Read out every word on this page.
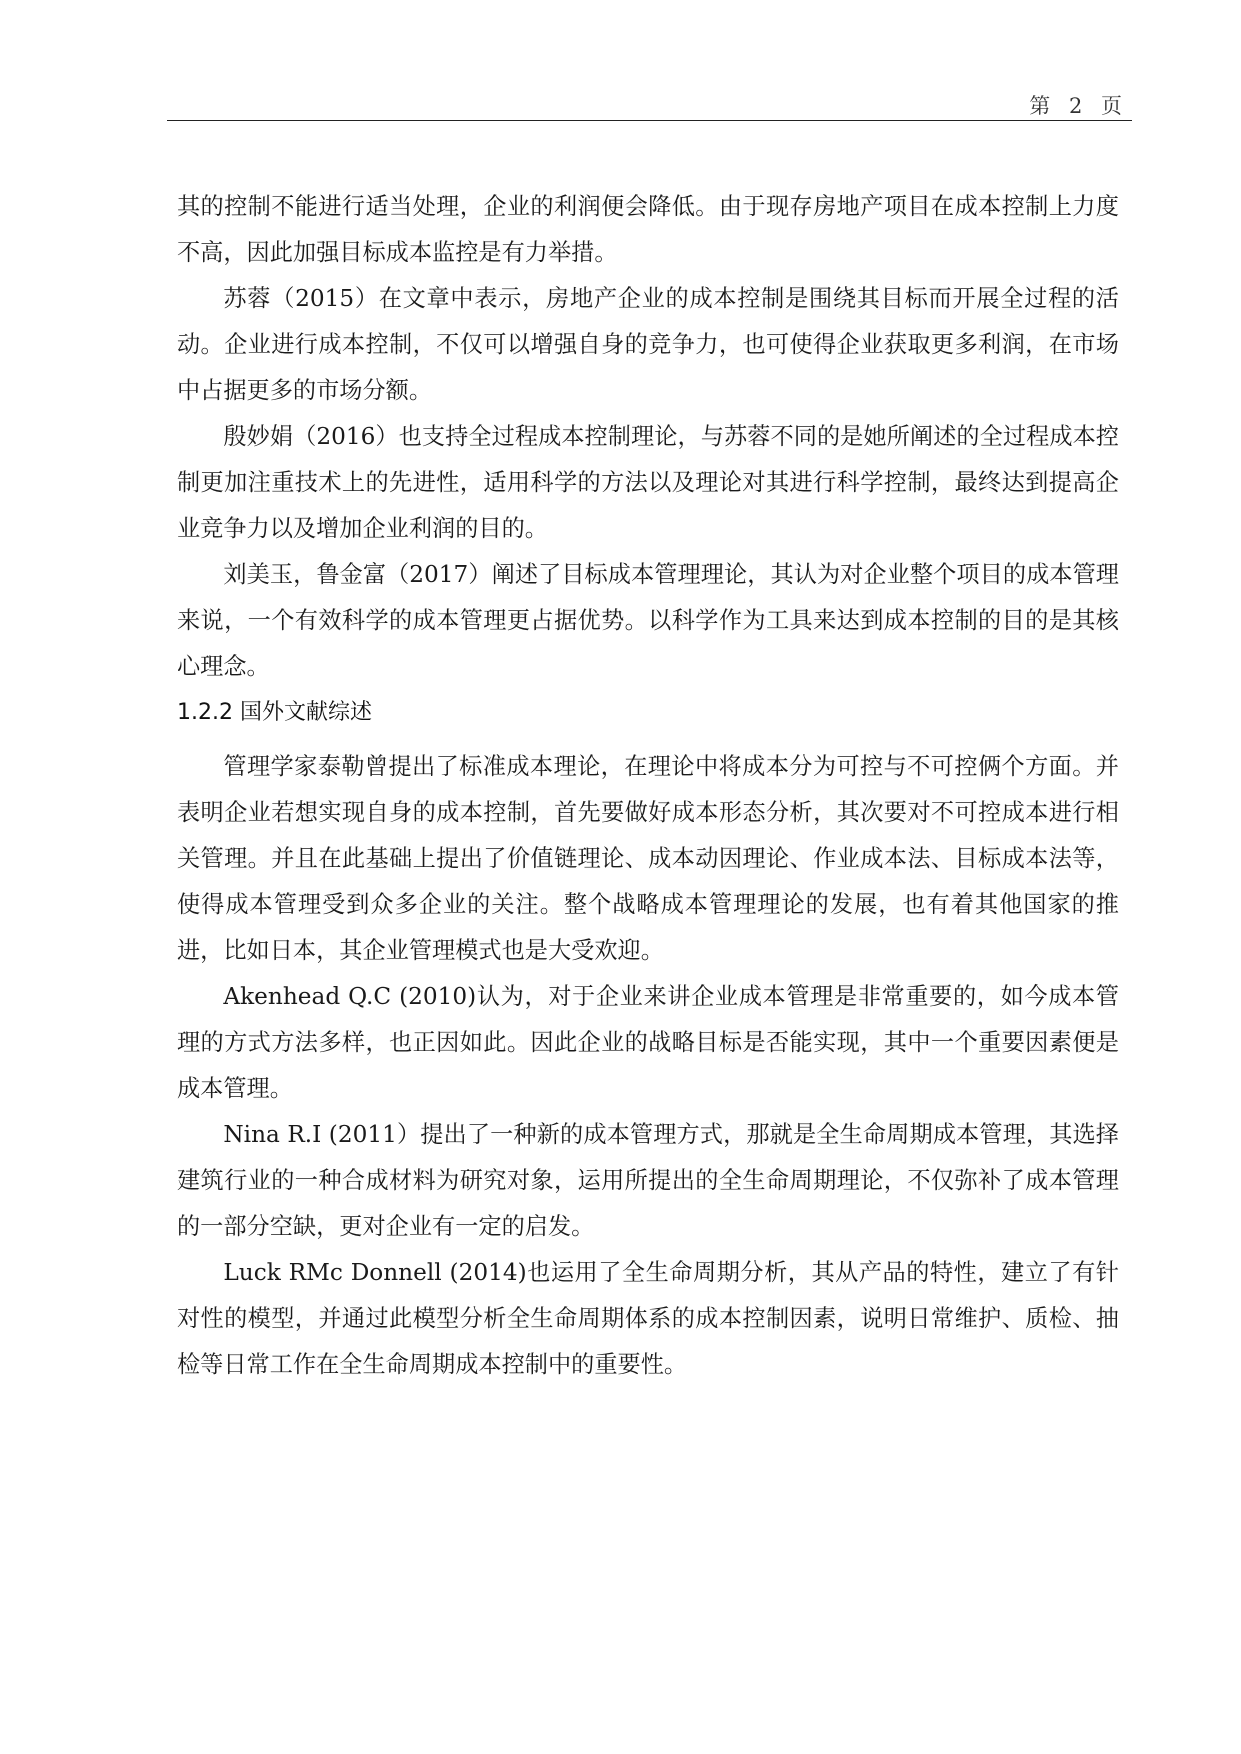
第 2 页

其的控制不能进行适当处理，企业的利润便会降低。由于现存房地产项目在成本控制上力度不高，因此加强目标成本监控是有力举措。

苏蓉（2015）在文章中表示，房地产企业的成本控制是围绕其目标而开展全过程的活动。企业进行成本控制，不仅可以增强自身的竞争力，也可使得企业获取更多利润，在市场中占据更多的市场分额。

殷妙娟（2016）也支持全过程成本控制理论，与苏蓉不同的是她所阐述的全过程成本控制更加注重技术上的先进性，适用科学的方法以及理论对其进行科学控制，最终达到提高企业竞争力以及增加企业利润的目的。

刘美玉，鲁金富（2017）阐述了目标成本管理理论，其认为对企业整个项目的成本管理来说，一个有效科学的成本管理更占据优势。以科学作为工具来达到成本控制的目的是其核心理念。

1.2.2 国外文献综述

管理学家泰勒曾提出了标准成本理论，在理论中将成本分为可控与不可控俩个方面。并表明企业若想实现自身的成本控制，首先要做好成本形态分析，其次要对不可控成本进行相关管理。并且在此基础上提出了价值链理论、成本动因理论、作业成本法、目标成本法等，使得成本管理受到众多企业的关注。整个战略成本管理理论的发展，也有着其他国家的推进，比如日本，其企业管理模式也是大受欢迎。

Akenhead Q.C (2010)认为，对于企业来讲企业成本管理是非常重要的，如今成本管理的方式方法多样，也正因如此。因此企业的战略目标是否能实现，其中一个重要因素便是成本管理。

Nina R.I (2011）提出了一种新的成本管理方式，那就是全生命周期成本管理，其选择建筑行业的一种合成材料为研究对象，运用所提出的全生命周期理论，不仅弥补了成本管理的一部分空缺，更对企业有一定的启发。

Luck RMc Donnell (2014)也运用了全生命周期分析，其从产品的特性，建立了有针对性的模型，并通过此模型分析全生命周期体系的成本控制因素，说明日常维护、质检、抽检等日常工作在全生命周期成本控制中的重要性。
